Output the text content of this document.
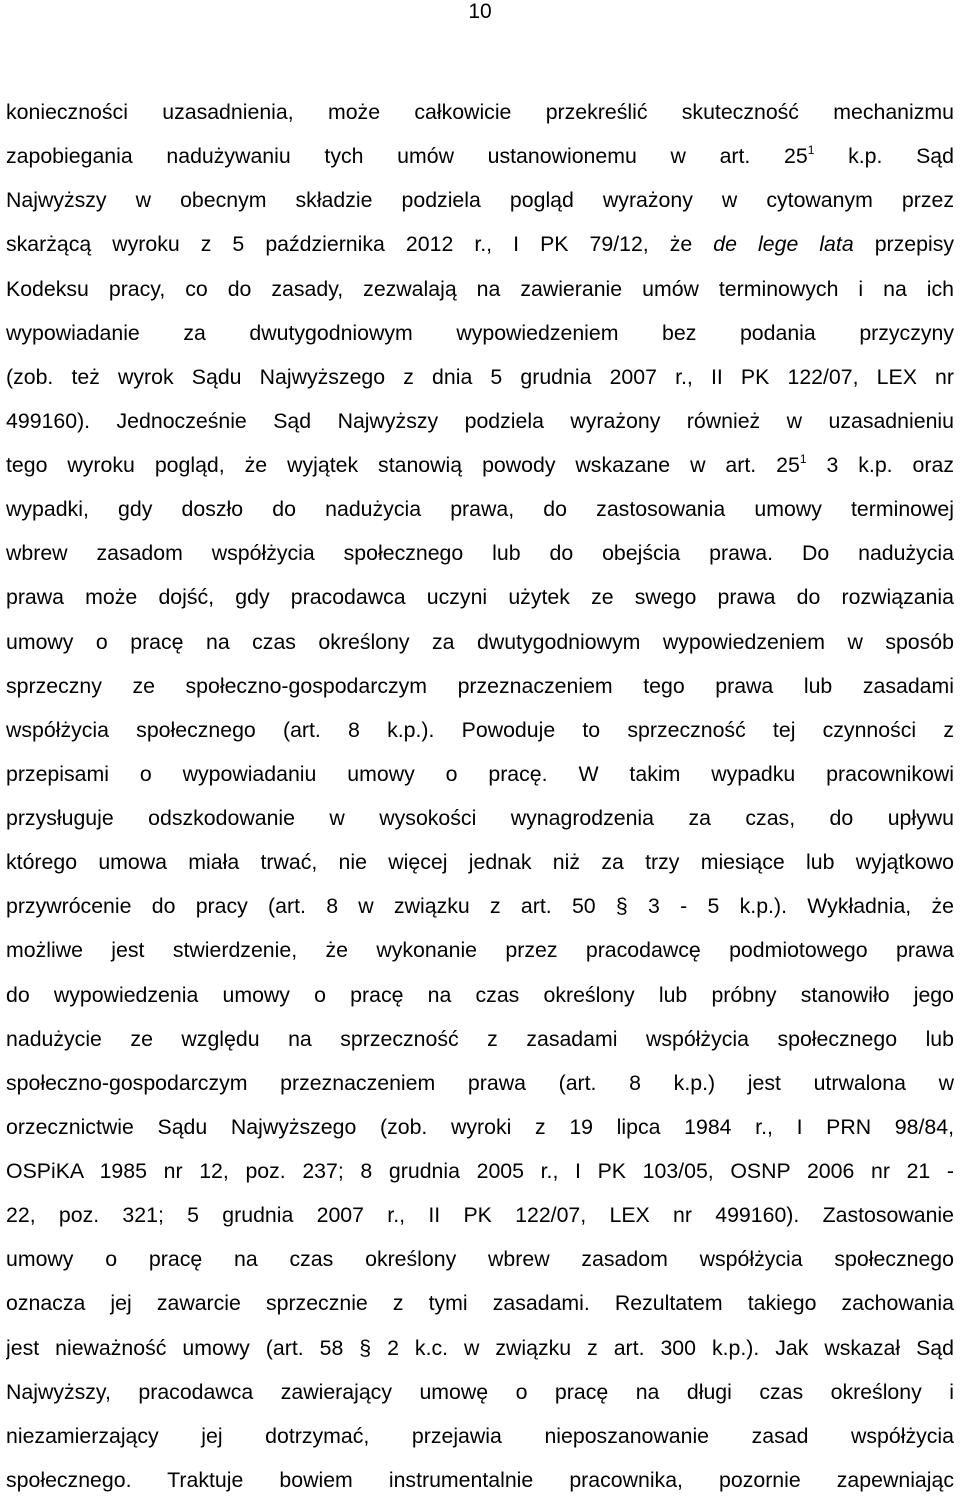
10
konieczności uzasadnienia, może całkowicie przekreślić skuteczność mechanizmu
zapobiegania nadużywaniu tych umów ustanowionemu w art. $25^1$ k.p. Sąd
Najwyższy w obecnym składzie podziela pogląd wyrażony w cytowanym przez
skarżącą wyroku z 5 października 2012 r., I PK 79/12, że de lege lata przepisy
Kodeksu pracy, co do zasady, zezwalają na zawieranie umów terminowych i na ich
wypowiadanie za dwutygodniowym wypowiedzeniem bez podania przyczyny
(zob. też wyrok Sądu Najwyższego z dnia 5 grudnia 2007 r., II PK 122/07, LEX nr
499160). Jednocześnie Sąd Najwyższy podziela wyrażony również w uzasadnieniu
tego wyroku pogląd, że wyjątek stanowią powody wskazane w art. $25^1$ 3 k.p. oraz
wypadki, gdy doszło do nadużycia prawa, do zastosowania umowy terminowej
wbrew zasadom współżycia społecznego lub do obejścia prawa. Do nadużycia
prawa może dojść, gdy pracodawca uczyni użytek ze swego prawa do rozwiązania
umowy o pracę na czas określony za dwutygodniowym wypowiedzeniem w sposób
sprzeczny ze społeczno-gospodarczym przeznaczeniem tego prawa lub zasadami
współżycia społecznego (art. 8 k.p.). Powoduje to sprzeczność tej czynności z
przepisami o wypowiadaniu umowy o pracę. W takim wypadku pracownikowi
przysługuje odszkodowanie w wysokości wynagrodzenia za czas, do upływu
którego umowa miała trwać, nie więcej jednak niż za trzy miesiące lub wyjątkowo
przywrócenie do pracy (art. 8 w związku z art. 50 § 3 - 5 k.p.). Wykładnia, że
możliwe jest stwierdzenie, że wykonanie przez pracodawcę podmiotowego prawa
do wypowiedzenia umowy o pracę na czas określony lub próbny stanowiło jego
nadużycie ze względu na sprzeczność z zasadami współżycia społecznego lub
społeczno-gospodarczym przeznaczeniem prawa (art. 8 k.p.) jest utrwalona w
orzecznictwie Sądu Najwyższego (zob. wyroki z 19 lipca 1984 r., I PRN 98/84,
OSPiKA 1985 nr 12, poz. 237; 8 grudnia 2005 r., I PK 103/05, OSNP 2006 nr 21 -
22, poz. 321; 5 grudnia 2007 r., II PK 122/07, LEX nr 499160). Zastosowanie
umowy o pracę na czas określony wbrew zasadom współżycia społecznego
oznacza jej zawarcie sprzecznie z tymi zasadami. Rezultatem takiego zachowania
jest nieważność umowy (art. 58 § 2 k.c. w związku z art. 300 k.p.). Jak wskazał Sąd
Najwyższy, pracodawca zawierający umowę o pracę na długi czas określony i
niezamierzający jej dotrzymać, przejawia nieposzanowanie zasad współżycia
społecznego. Traktuje bowiem instrumentalnie pracownika, pozornie zapewniając
